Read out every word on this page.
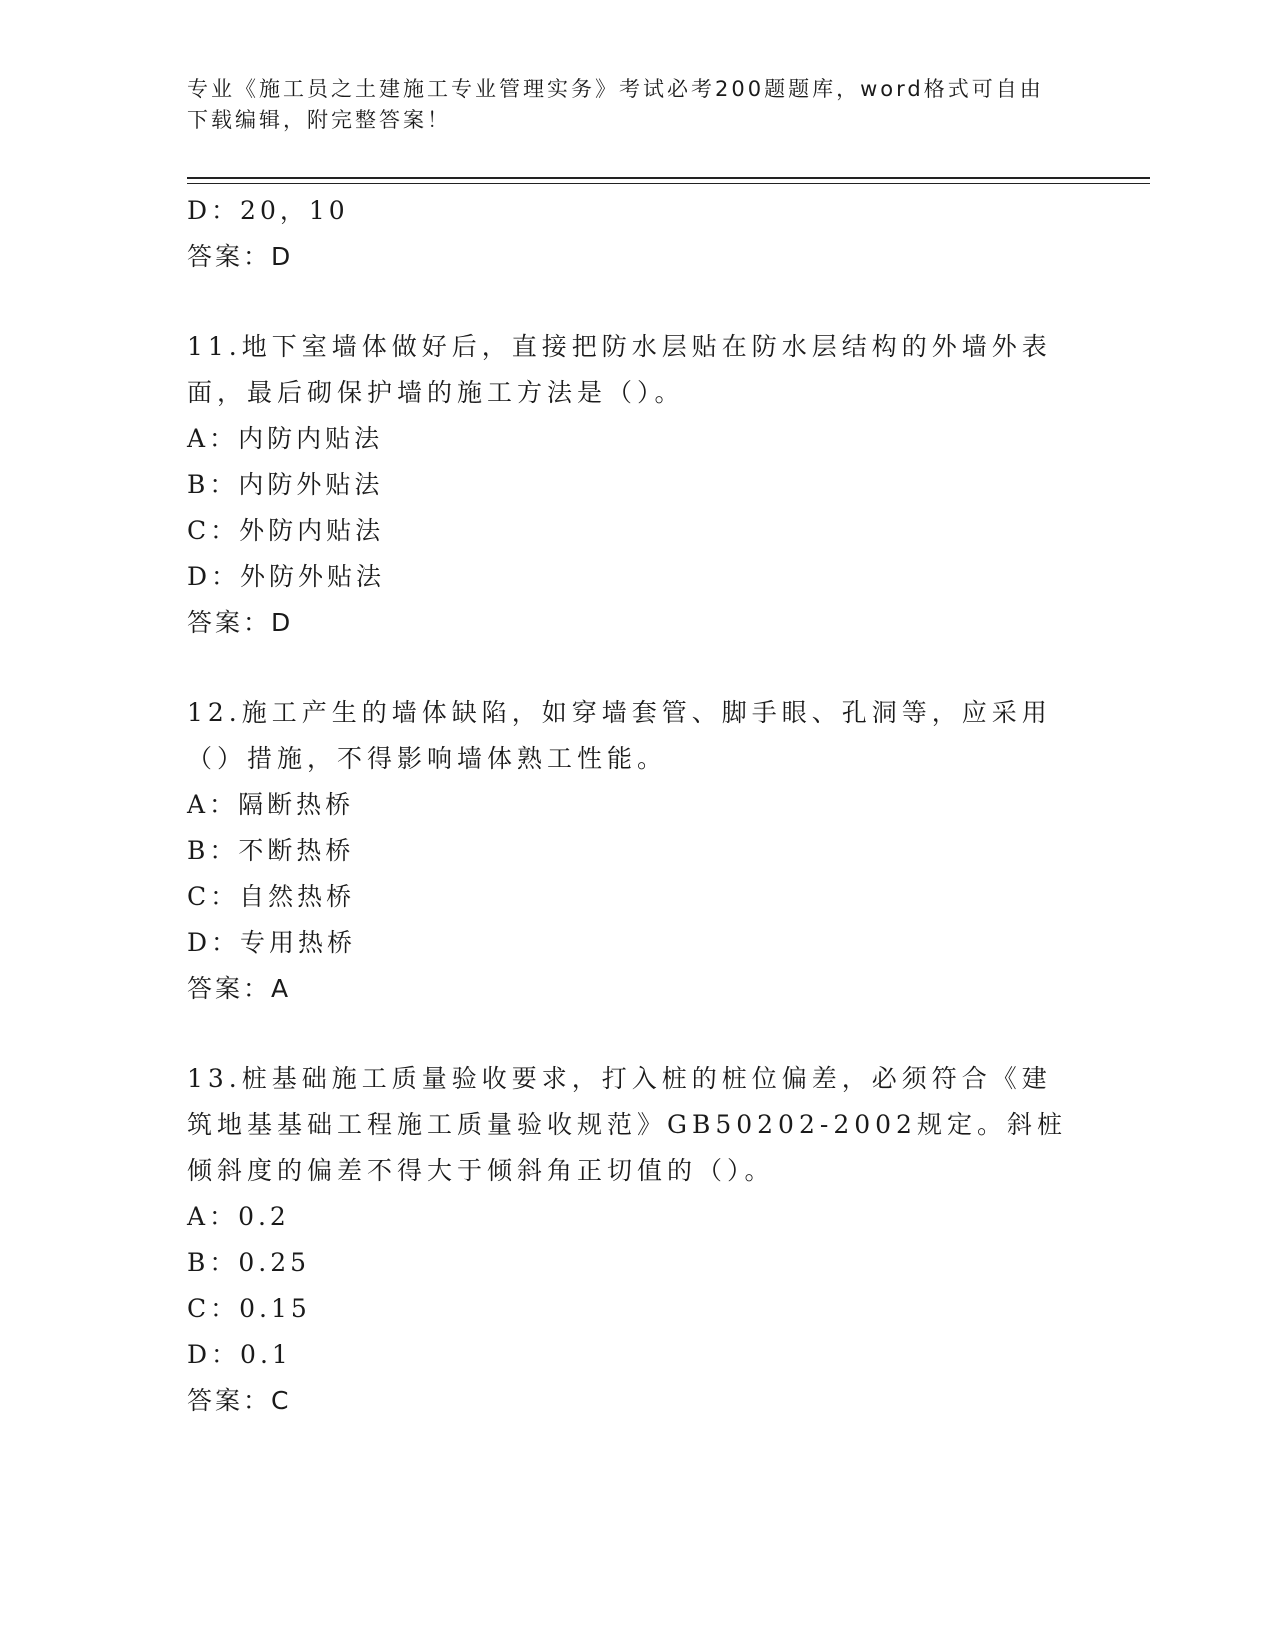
专业《施工员之土建施工专业管理实务》考试必考200题题库，word格式可自由下载编辑，附完整答案！
D：20，10
答案：D
11.地下室墙体做好后，直接把防水层贴在防水层结构的外墙外表面，最后砌保护墙的施工方法是（）。
A：内防内贴法
B：内防外贴法
C：外防内贴法
D：外防外贴法
答案：D
12.施工产生的墙体缺陷，如穿墙套管、脚手眼、孔洞等，应采用（）措施，不得影响墙体熟工性能。
A：隔断热桥
B：不断热桥
C：自然热桥
D：专用热桥
答案：A
13.桩基础施工质量验收要求，打入桩的桩位偏差，必须符合《建筑地基基础工程施工质量验收规范》GB50202-2002规定。斜桩倾斜度的偏差不得大于倾斜角正切值的（）。
A：0.2
B：0.25
C：0.15
D：0.1
答案：C
